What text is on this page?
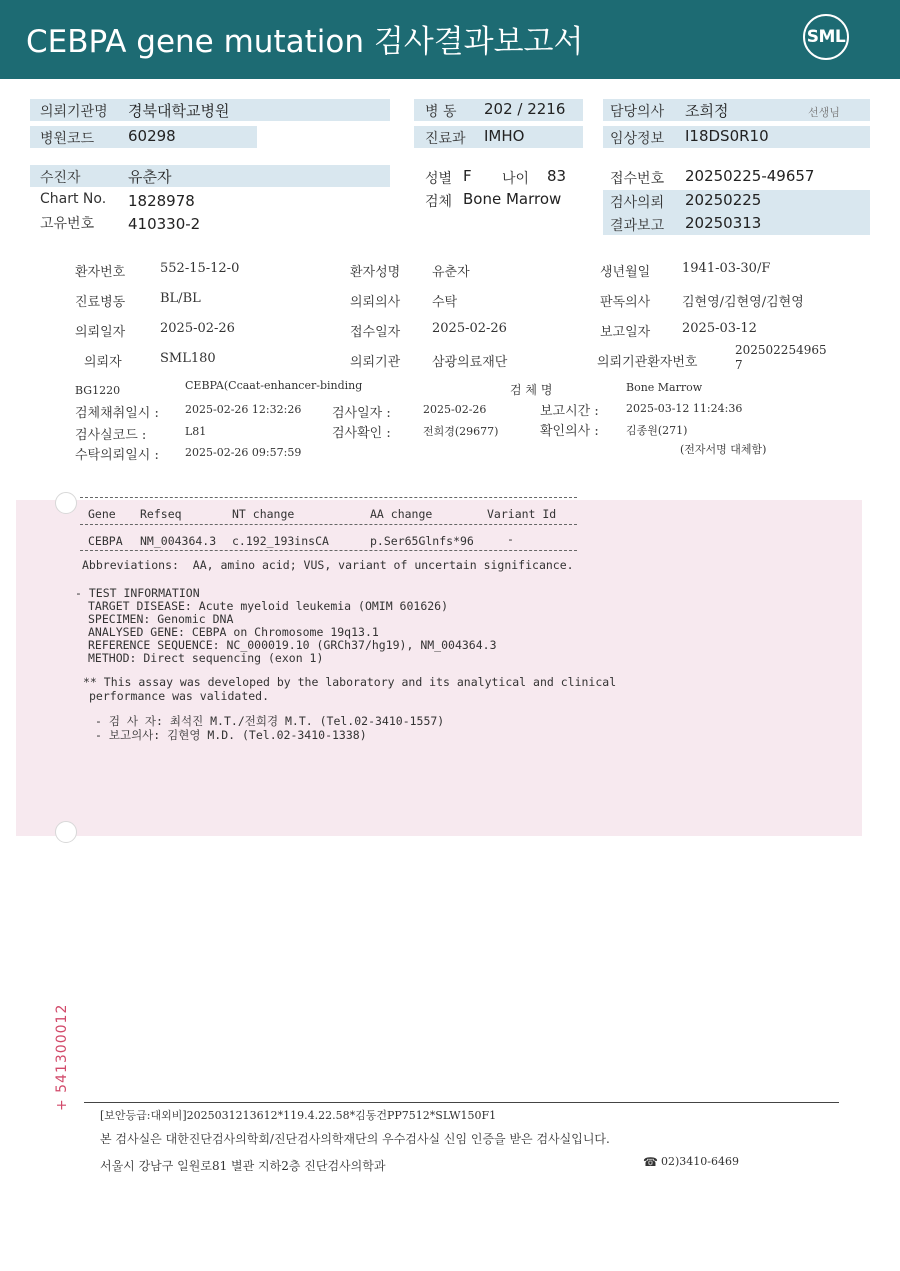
CEBPA gene mutation 검사결과보고서	SML
의뢰기관명 경북대학교병원
병원코드 60298
병 동 202 / 2216
진료과 IMHO
담당의사 조희정	선생님
임상정보 I18DS0R10
수진자	유춘자
Chart No. 1828978
고유번호 410330-2
성별 F 나이 83
검체 Bone Marrow
접수번호 20250225-49657
검사의뢰 20250225
결과보고 20250313
환자번호	552-15-12-0	환자성명 유춘자	생년월일 1941-03-30/F
진료병동	BL/BL	의뢰의사 수탁	판독의사 김현영/김현영/김현영
의뢰일자	2025-02-26	접수일자 2025-02-26	보고일자 2025-03-12
의뢰자	SML180	의뢰기관 삼광의료재단	의뢰기관환자번호
202502254965
7
BG1220	CEBPA(Ccaat-enhancer-binding	검 체 명	Bone Marrow
검체채취일시 : 2025-02-26 12:32:26 검사일자 :	2025-02-26	보고시간 : 2025-03-12 11:24:36
검사실코드 :	L81	검사확인 :	전희경(29677)	확인의사 : 김종원(271)
수탁의뢰일시 : 2025-02-26 09:57:59	(전자서명 대체함)
Gene Refseq	NT change	AA change	Variant Id
CEBPA NM_004364.3 c.192_193insCA	p.Ser65Glnfs*96	-
Abbreviations:  AA, amino acid; VUS, variant of uncertain significance.
- TEST INFORMATION
TARGET DISEASE: Acute myeloid leukemia (OMIM 601626)
SPECIMEN: Genomic DNA
ANALYSED GENE: CEBPA on Chromosome 19q13.1
REFERENCE SEQUENCE: NC_000019.10 (GRCh37/hg19), NM_004364.3
METHOD: Direct sequencing (exon 1)
** This assay was developed by the laboratory and its analytical and clinical
performance was validated.
- 검 사 자: 최석진 M.T./전희경 M.T. (Tel.02-3410-1557)
- 보고의사: 김현영 M.D. (Tel.02-3410-1338)
+ 541300012
[보안등급:대외비]2025031213612*119.4.22.58*김동건PP7512*SLW150F1
본 검사실은 대한진단검사의학회/진단검사의학재단의 우수검사실 신임 인증을 받은 검사실입니다.
서울시 강남구 일원로81 별관 지하2층 진단검사의학과	☎ 02)3410-6469
